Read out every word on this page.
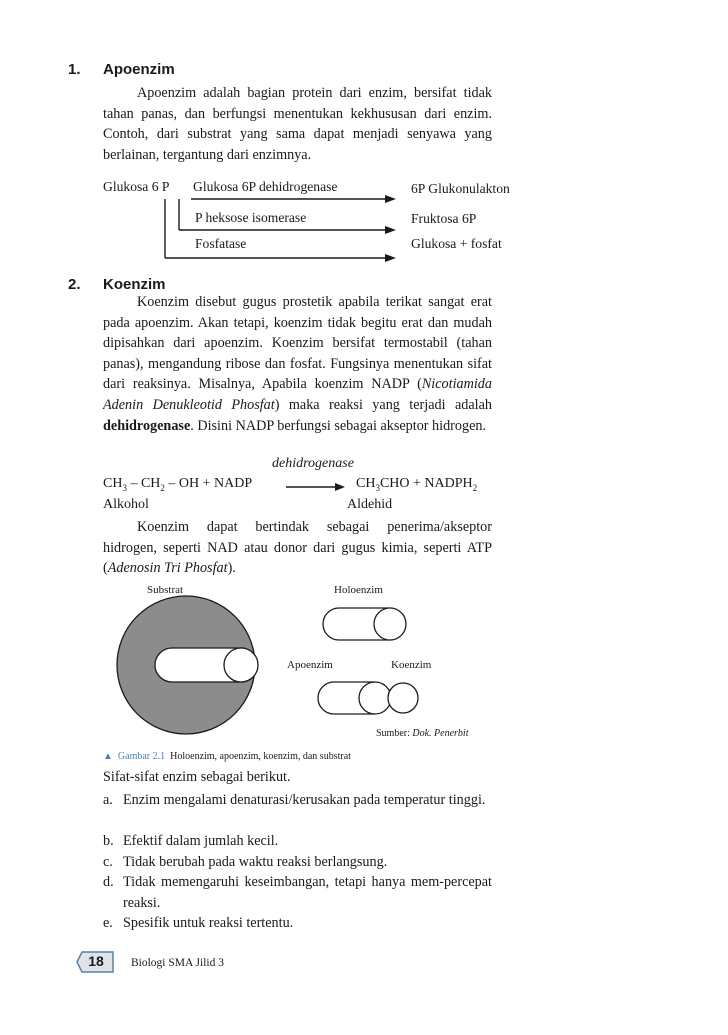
1. Apoenzim

Apoenzim adalah bagian protein dari enzim, bersifat tidak tahan panas, dan berfungsi menentukan kekhususan dari enzim. Contoh, dari substrat yang sama dapat menjadi senyawa yang berlainan, tergantung dari enzimnya.

Glukosa 6 P Glukosa 6P dehidrogenase	6P Glukonulakton
P heksose isomerase	Fruktosa 6P
Fosfatase	Glukosa + fosfat
2. Koenzim

Koenzim disebut gugus prostetik apabila terikat sangat erat pada apoenzim. Akan tetapi, koenzim tidak begitu erat dan mudah dipisahkan dari apoenzim. Koenzim bersifat termostabil (tahan panas), mengandung ribose dan fosfat. Fungsinya menentukan sifat dari reaksinya. Misalnya, Apabila koenzim NADP (Nicotiamida Adenin Denukleotid Phosfat) maka reaksi yang terjadi adalah dehidrogenase. Disini NADP berfungsi sebagai akseptor hidrogen.

dehidrogenase
$CH_3 - CH_2$ – OH + NADP → $CH_3CHO$ + $NADPH_2$
Alkohol	Aldehid

Koenzim dapat bertindak sebagai penerima/akseptor hidrogen, seperti NAD atau donor dari gugus kimia, seperti ATP (Adenosin Tri Phosfat).

Substrat	Holoenzim
Apoenzim	Koenzim
Sumber: Dok. Penerbit
▲ Gambar 2.1 Holoenzim, apoenzim, koenzim, dan substrat
Sifat-sifat enzim sebagai berikut.
a. Enzim mengalami denaturasi/kerusakan pada temperatur tinggi.
b. Efektif dalam jumlah kecil.
c. Tidak berubah pada waktu reaksi berlangsung.
d. Tidak memengaruhi keseimbangan, tetapi hanya mem-percepat reaksi.
e. Spesifik untuk reaksi tertentu.
18	Biologi SMA Jilid 3
